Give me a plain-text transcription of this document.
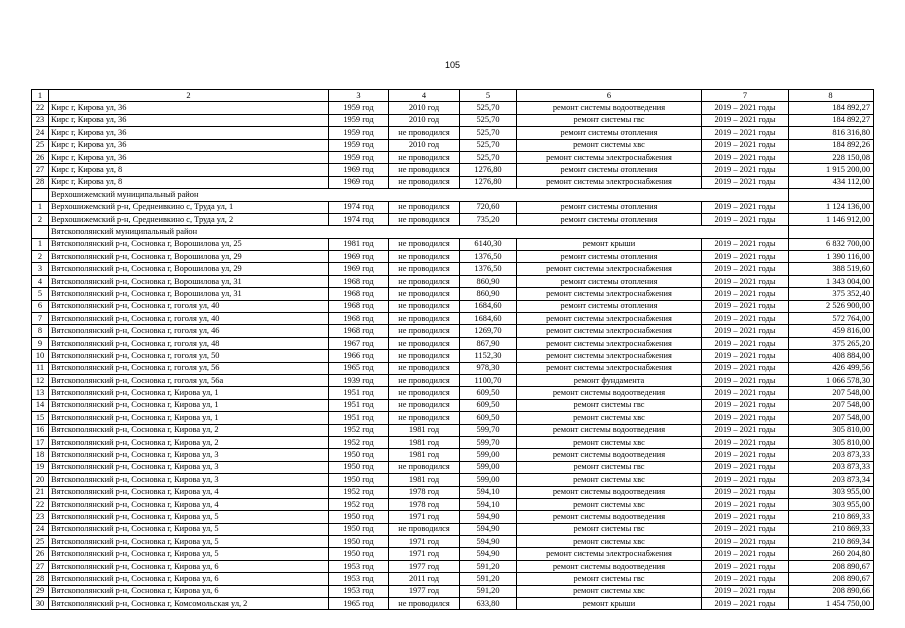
105
1	2	3	4	5	6	7	8
22	Кирс г, Кирова ул, 36	1959 год	2010 год	525,70	ремонт системы водоотведения	2019 – 2021 годы	184 892,27
23	Кирс г, Кирова ул, 36	1959 год	2010 год	525,70	ремонт системы гвс	2019 – 2021 годы	184 892,27
24	Кирс г, Кирова ул, 36	1959 год	не проводился	525,70	ремонт системы отопления	2019 – 2021 годы	816 316,80
25	Кирс г, Кирова ул, 36	1959 год	2010 год	525,70	ремонт системы хвс	2019 – 2021 годы	184 892,26
26	Кирс г, Кирова ул, 36	1959 год	не проводился	525,70	ремонт системы электроснабжения	2019 – 2021 годы	228 150,08
27	Кирс г, Кирова ул, 8	1969 год	не проводился	1276,80	ремонт системы отопления	2019 – 2021 годы	1 915 200,00
28	Кирс г, Кирова ул, 8	1969 год	не проводился	1276,80	ремонт системы электроснабжения	2019 – 2021 годы	434 112,00
	Верхошижемский муниципальный район						
1	Верхошижемский р-н, Среднеивкино с, Труда ул, 1	1974 год	не проводился	720,60	ремонт системы отопления	2019 – 2021 годы	1 124 136,00
2	Верхошижемский р-н, Среднеивкино с, Труда ул, 2	1974 год	не проводился	735,20	ремонт системы отопления	2019 – 2021 годы	1 146 912,00
	Вятскополянский муниципальный район						
1	Вятскополянский р-н, Сосновка г, Ворошилова ул, 25	1981 год	не проводился	6140,30	ремонт крыши	2019 – 2021 годы	6 832 700,00
2	Вятскополянский р-н, Сосновка г, Ворошилова ул, 29	1969 год	не проводился	1376,50	ремонт системы отопления	2019 – 2021 годы	1 390 116,00
3	Вятскополянский р-н, Сосновка г, Ворошилова ул, 29	1969 год	не проводился	1376,50	ремонт системы электроснабжения	2019 – 2021 годы	388 519,60
4	Вятскополянский р-н, Сосновка г, Ворошилова ул, 31	1968 год	не проводился	860,90	ремонт системы отопления	2019 – 2021 годы	1 343 004,00
5	Вятскополянский р-н, Сосновка г, Ворошилова ул, 31	1968 год	не проводился	860,90	ремонт системы электроснабжения	2019 – 2021 годы	375 352,40
6	Вятскополянский р-н, Сосновка г, гоголя ул, 40	1968 год	не проводился	1684,60	ремонт системы отопления	2019 – 2021 годы	2 526 900,00
7	Вятскополянский р-н, Сосновка г, гоголя ул, 40	1968 год	не проводился	1684,60	ремонт системы электроснабжения	2019 – 2021 годы	572 764,00
8	Вятскополянский р-н, Сосновка г, гоголя ул, 46	1968 год	не проводился	1269,70	ремонт системы электроснабжения	2019 – 2021 годы	459 816,00
9	Вятскополянский р-н, Сосновка г, гоголя ул, 48	1967 год	не проводился	867,90	ремонт системы электроснабжения	2019 – 2021 годы	375 265,20
10	Вятскополянский р-н, Сосновка г, гоголя ул, 50	1966 год	не проводился	1152,30	ремонт системы электроснабжения	2019 – 2021 годы	408 884,00
11	Вятскополянский р-н, Сосновка г, гоголя ул, 56	1965 год	не проводился	978,30	ремонт системы электроснабжения	2019 – 2021 годы	426 499,56
12	Вятскополянский р-н, Сосновка г, гоголя ул, 56а	1939 год	не проводился	1100,70	ремонт фундамента	2019 – 2021 годы	1 066 578,30
13	Вятскополянский р-н, Сосновка г, Кирова ул, 1	1951 год	не проводился	609,50	ремонт системы водоотведения	2019 – 2021 годы	207 548,00
14	Вятскополянский р-н, Сосновка г, Кирова ул, 1	1951 год	не проводился	609,50	ремонт системы гвс	2019 – 2021 годы	207 548,00
15	Вятскополянский р-н, Сосновка г, Кирова ул, 1	1951 год	не проводился	609,50	ремонт системы хвс	2019 – 2021 годы	207 548,00
16	Вятскополянский р-н, Сосновка г, Кирова ул, 2	1952 год	1981 год	599,70	ремонт системы водоотведения	2019 – 2021 годы	305 810,00
17	Вятскополянский р-н, Сосновка г, Кирова ул, 2	1952 год	1981 год	599,70	ремонт системы хвс	2019 – 2021 годы	305 810,00
18	Вятскополянский р-н, Сосновка г, Кирова ул, 3	1950 год	1981 год	599,00	ремонт системы водоотведения	2019 – 2021 годы	203 873,33
19	Вятскополянский р-н, Сосновка г, Кирова ул, 3	1950 год	не проводился	599,00	ремонт системы гвс	2019 – 2021 годы	203 873,33
20	Вятскополянский р-н, Сосновка г, Кирова ул, 3	1950 год	1981 год	599,00	ремонт системы хвс	2019 – 2021 годы	203 873,34
21	Вятскополянский р-н, Сосновка г, Кирова ул, 4	1952 год	1978 год	594,10	ремонт системы водоотведения	2019 – 2021 годы	303 955,00
22	Вятскополянский р-н, Сосновка г, Кирова ул, 4	1952 год	1978 год	594,10	ремонт системы хвс	2019 – 2021 годы	303 955,00
23	Вятскополянский р-н, Сосновка г, Кирова ул, 5	1950 год	1971 год	594,90	ремонт системы водоотведения	2019 – 2021 годы	210 869,33
24	Вятскополянский р-н, Сосновка г, Кирова ул, 5	1950 год	не проводился	594,90	ремонт системы гвс	2019 – 2021 годы	210 869,33
25	Вятскополянский р-н, Сосновка г, Кирова ул, 5	1950 год	1971 год	594,90	ремонт системы хвс	2019 – 2021 годы	210 869,34
26	Вятскополянский р-н, Сосновка г, Кирова ул, 5	1950 год	1971 год	594,90	ремонт системы электроснабжения	2019 – 2021 годы	260 204,80
27	Вятскополянский р-н, Сосновка г, Кирова ул, 6	1953 год	1977 год	591,20	ремонт системы водоотведения	2019 – 2021 годы	208 890,67
28	Вятскополянский р-н, Сосновка г, Кирова ул, 6	1953 год	2011 год	591,20	ремонт системы гвс	2019 – 2021 годы	208 890,67
29	Вятскополянский р-н, Сосновка г, Кирова ул, 6	1953 год	1977 год	591,20	ремонт системы хвс	2019 – 2021 годы	208 890,66
30	Вятскополянский р-н, Сосновка г, Комсомольская ул, 2	1965 год	не проводился	633,80	ремонт крыши	2019 – 2021 годы	1 454 750,00
